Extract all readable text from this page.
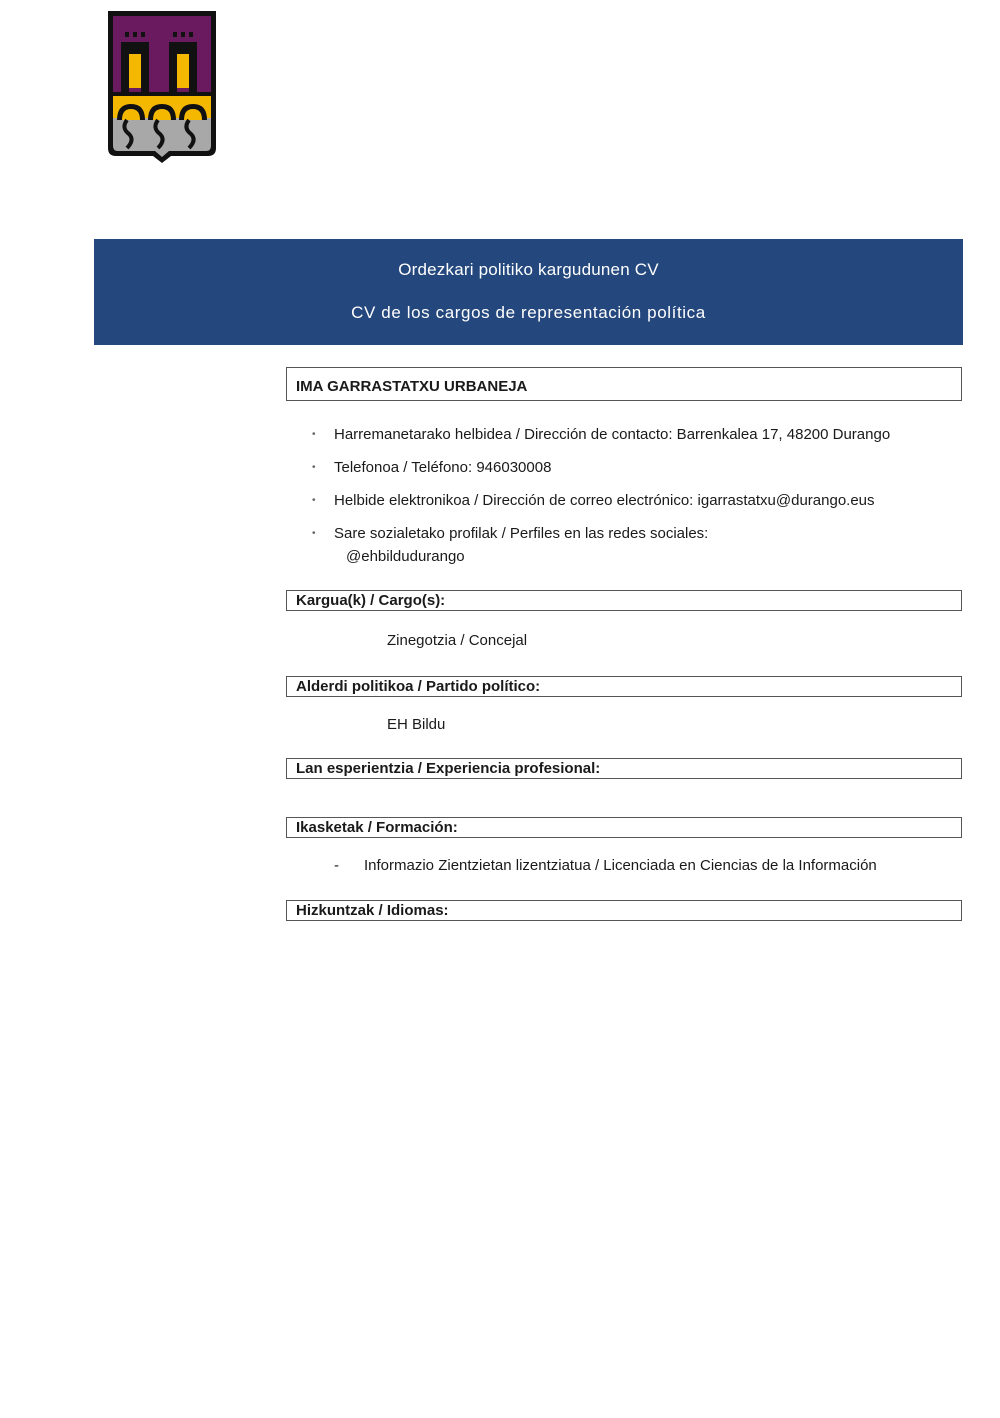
Ordezkari politiko kargudunen CV
CV de los cargos de representación política
IMA GARRASTATXU URBANEJA
• Harremanetarako helbidea / Dirección de contacto: Barrenkalea 17, 48200 Durango
• Telefonoa / Teléfono: 946030008
• Helbide elektronikoa / Dirección de correo electrónico: igarrastatxu@durango.eus
• Sare sozialetako profilak / Perfiles en las redes sociales:
@ehbildudurango
Kargua(k) / Cargo(s):
Zinegotzia / Concejal
Alderdi politikoa / Partido político:
EH Bildu
Lan esperientzia / Experiencia profesional:
Ikasketak / Formación:
- Informazio Zientzietan lizentziatua / Licenciada en Ciencias de la Información
Hizkuntzak / Idiomas:
